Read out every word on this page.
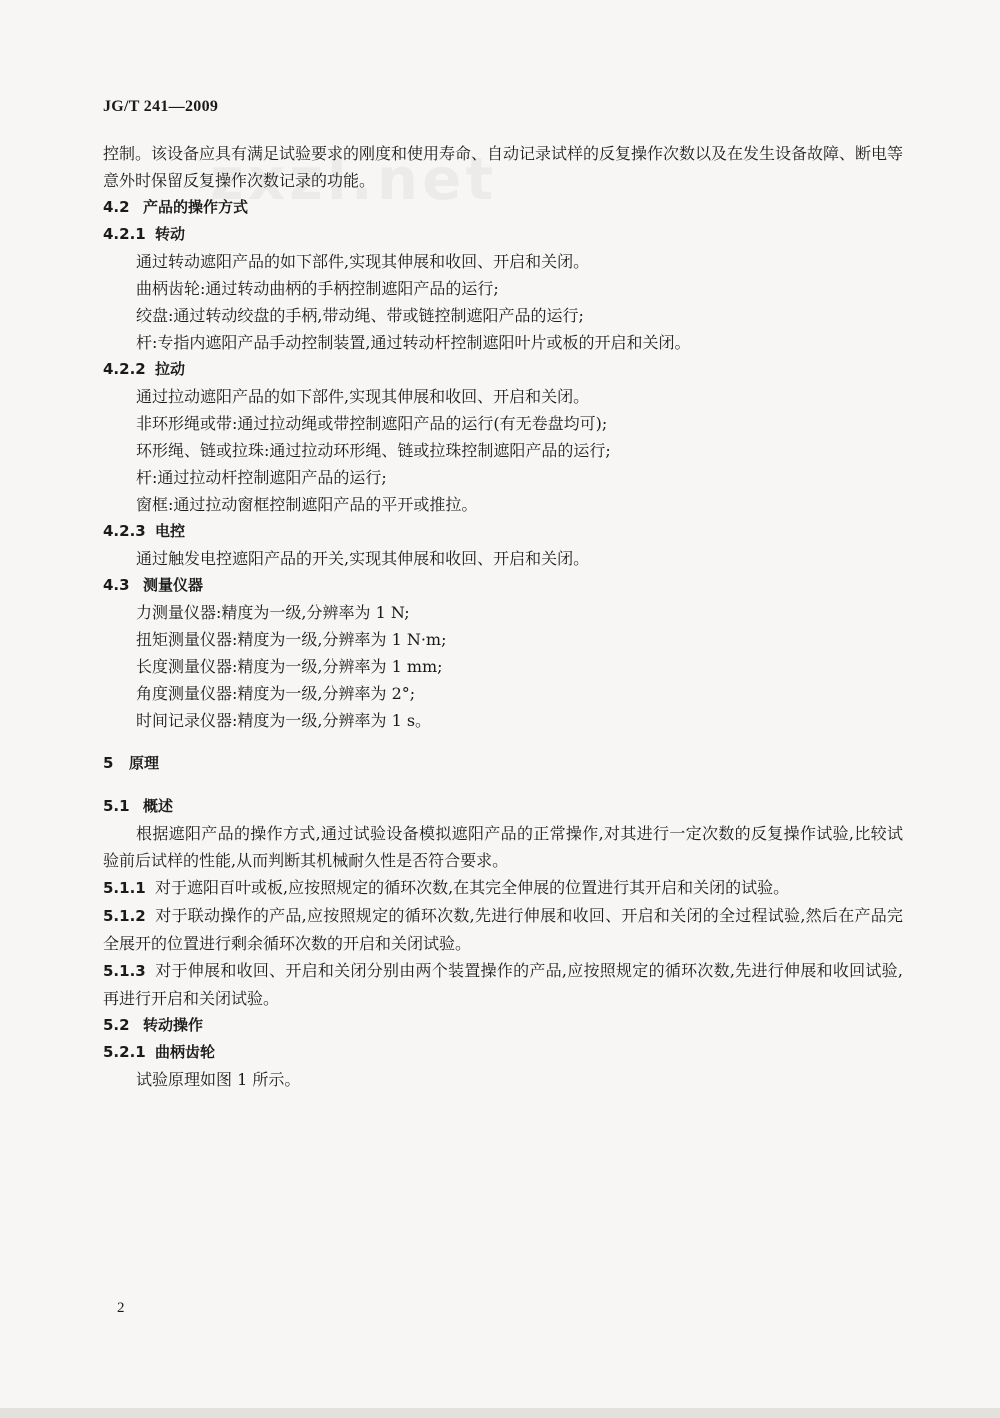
JG/T 241—2009
控制。该设备应具有满足试验要求的刚度和使用寿命、自动记录试样的反复操作次数以及在发生设备故障、断电等意外时保留反复操作次数记录的功能。
4.2 产品的操作方式
4.2.1 转动
通过转动遮阳产品的如下部件,实现其伸展和收回、开启和关闭。
曲柄齿轮:通过转动曲柄的手柄控制遮阳产品的运行;
绞盘:通过转动绞盘的手柄,带动绳、带或链控制遮阳产品的运行;
杆:专指内遮阳产品手动控制装置,通过转动杆控制遮阳叶片或板的开启和关闭。
4.2.2 拉动
通过拉动遮阳产品的如下部件,实现其伸展和收回、开启和关闭。
非环形绳或带:通过拉动绳或带控制遮阳产品的运行(有无卷盘均可);
环形绳、链或拉珠:通过拉动环形绳、链或拉珠控制遮阳产品的运行;
杆:通过拉动杆控制遮阳产品的运行;
窗框:通过拉动窗框控制遮阳产品的平开或推拉。
4.2.3 电控
通过触发电控遮阳产品的开关,实现其伸展和收回、开启和关闭。
4.3 测量仪器
力测量仪器:精度为一级,分辨率为 1 N;
扭矩测量仪器:精度为一级,分辨率为 1 N·m;
长度测量仪器:精度为一级,分辨率为 1 mm;
角度测量仪器:精度为一级,分辨率为 2°;
时间记录仪器:精度为一级,分辨率为 1 s。
5 原理
5.1 概述
根据遮阳产品的操作方式,通过试验设备模拟遮阳产品的正常操作,对其进行一定次数的反复操作试验,比较试验前后试样的性能,从而判断其机械耐久性是否符合要求。
5.1.1 对于遮阳百叶或板,应按照规定的循环次数,在其完全伸展的位置进行其开启和关闭的试验。
5.1.2 对于联动操作的产品,应按照规定的循环次数,先进行伸展和收回、开启和关闭的全过程试验,然后在产品完全展开的位置进行剩余循环次数的开启和关闭试验。
5.1.3 对于伸展和收回、开启和关闭分别由两个装置操作的产品,应按照规定的循环次数,先进行伸展和收回试验,再进行开启和关闭试验。
5.2 转动操作
5.2.1 曲柄齿轮
试验原理如图 1 所示。
2
